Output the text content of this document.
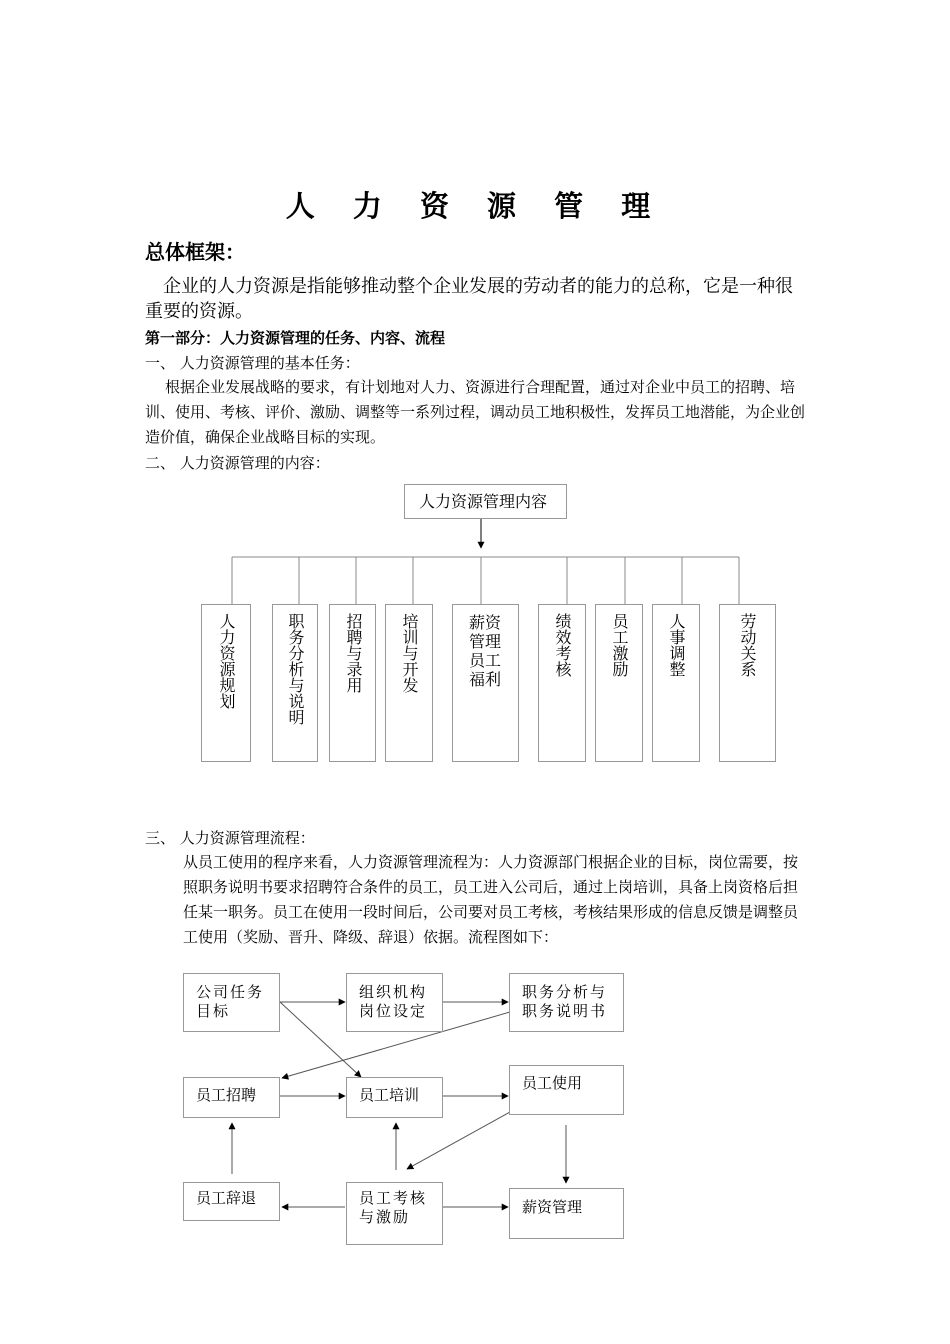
人 力 资 源 管 理
总体框架：
企业的人力资源是指能够推动整个企业发展的劳动者的能力的总称，它是一种很重要的资源。
第一部分：人力资源管理的任务、内容、流程
一、 人力资源管理的基本任务：
根据企业发展战略的要求，有计划地对人力、资源进行合理配置，通过对企业中员工的招聘、培训、使用、考核、评价、激励、调整等一系列过程，调动员工地积极性，发挥员工地潜能，为企业创造价值，确保企业战略目标的实现。
二、 人力资源管理的内容：
人力资源管理内容
人力资源规划	职务分析与说明 招聘与录用 培训与开发	薪资管理员工福利
绩效考核 员工激励 人事调整	劳动关系
三、 人力资源管理流程：
从员工使用的程序来看，人力资源管理流程为：人力资源部门根据企业的目标，岗位需要，按照职务说明书要求招聘符合条件的员工，员工进入公司后，通过上岗培训，具备上岗资格后担任某一职务。员工在使用一段时间后，公司要对员工考核，考核结果形成的信息反馈是调整员工使用（奖励、晋升、降级、辞退）依据。流程图如下：
公司任务目标
组织机构岗位设定
职务分析与职务说明书
员工招聘	员工培训
员工使用
员工辞退	员工考核与激励
薪资管理
